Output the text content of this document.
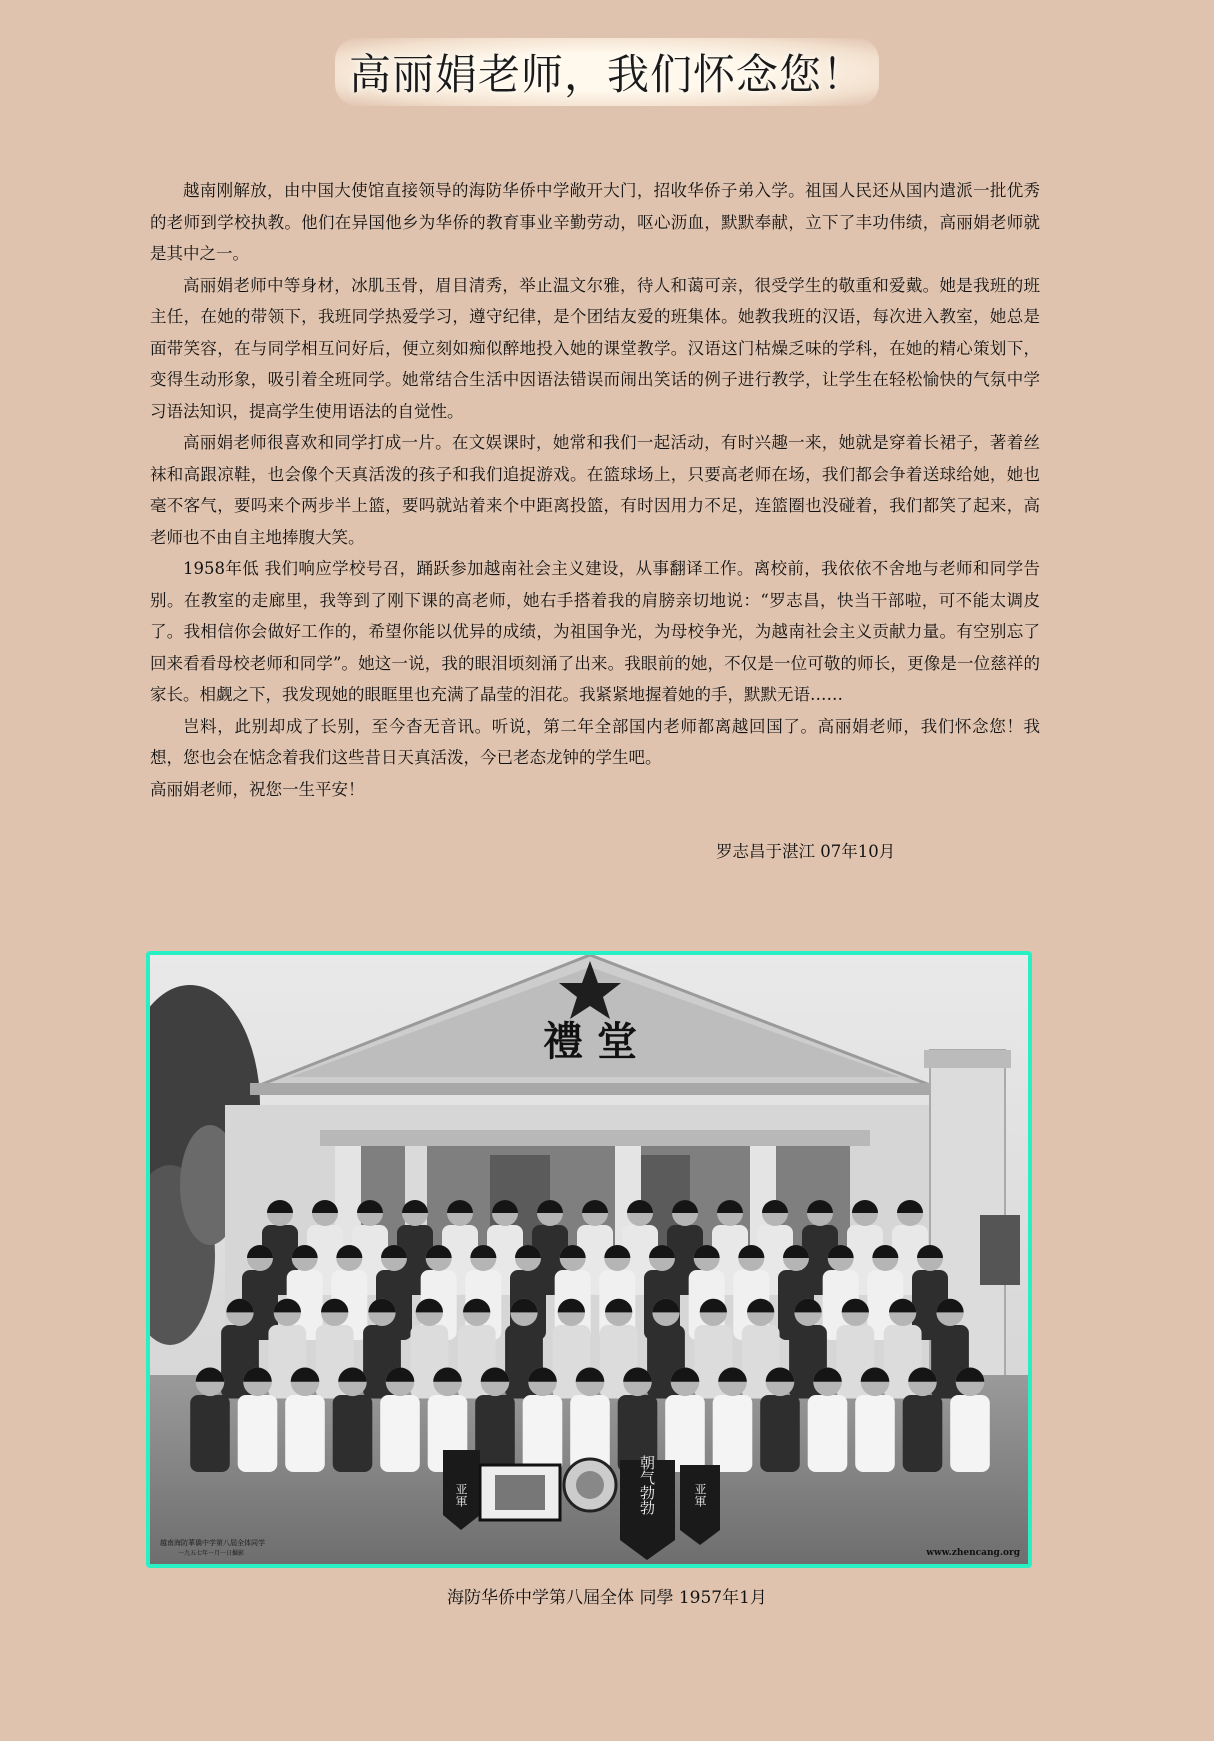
高丽娟老师，我们怀念您！

越南刚解放，由中国大使馆直接领导的海防华侨中学敞开大门，招收华侨子弟入学。祖国人民还从国内遣派一批优秀的老师到学校执教。他们在异国他乡为华侨的教育事业辛勤劳动，呕心沥血，默默奉献，立下了丰功伟绩，高丽娟老师就是其中之一。

高丽娟老师中等身材，冰肌玉骨，眉目清秀，举止温文尔雅，待人和蔼可亲，很受学生的敬重和爱戴。她是我班的班主任，在她的带领下，我班同学热爱学习，遵守纪律，是个团结友爱的班集体。她教我班的汉语，每次进入教室，她总是面带笑容，在与同学相互问好后，便立刻如痴似醉地投入她的课堂教学。汉语这门枯燥乏味的学科，在她的精心策划下，变得生动形象，吸引着全班同学。她常结合生活中因语法错误而闹出笑话的例子进行教学，让学生在轻松愉快的气氛中学习语法知识，提高学生使用语法的自觉性。

高丽娟老师很喜欢和同学打成一片。在文娱课时，她常和我们一起活动，有时兴趣一来，她就是穿着长裙子，著着丝袜和高跟凉鞋，也会像个天真活泼的孩子和我们追捉游戏。在篮球场上，只要高老师在场，我们都会争着送球给她，她也毫不客气，要吗来个两步半上篮，要吗就站着来个中距离投篮，有时因用力不足，连篮圈也没碰着，我们都笑了起来，高老师也不由自主地捧腹大笑。

1958年低 我们响应学校号召，踊跃参加越南社会主义建设，从事翻译工作。离校前，我依依不舍地与老师和同学告别。在教室的走廊里，我等到了刚下课的高老师，她右手搭着我的肩膀亲切地说：“罗志昌，快当干部啦，可不能太调皮了。我相信你会做好工作的，希望你能以优异的成绩，为祖国争光，为母校争光，为越南社会主义贡献力量。有空别忘了回来看看母校老师和同学”。她这一说，我的眼泪顷刻涌了出来。我眼前的她，不仅是一位可敬的师长，更像是一位慈祥的家长。相觑之下，我发现她的眼眶里也充满了晶莹的泪花。我紧紧地握着她的手，默默无语……

岂料，此别却成了长别，至今杳无音讯。听说，第二年全部国内老师都离越回国了。高丽娟老师，我们怀念您！我想，您也会在惦念着我们这些昔日天真活泼，今已老态龙钟的学生吧。

高丽娟老师，祝您一生平安！

罗志昌于湛江 07年10月
禮 堂
亚軍	朝气勃勃	亚軍
越南海防華僑中学第八屆全体同学
一九五七年一月一日攝影	www.zhencang.org
海防华侨中学第八屆全体 同學 1957年1月
